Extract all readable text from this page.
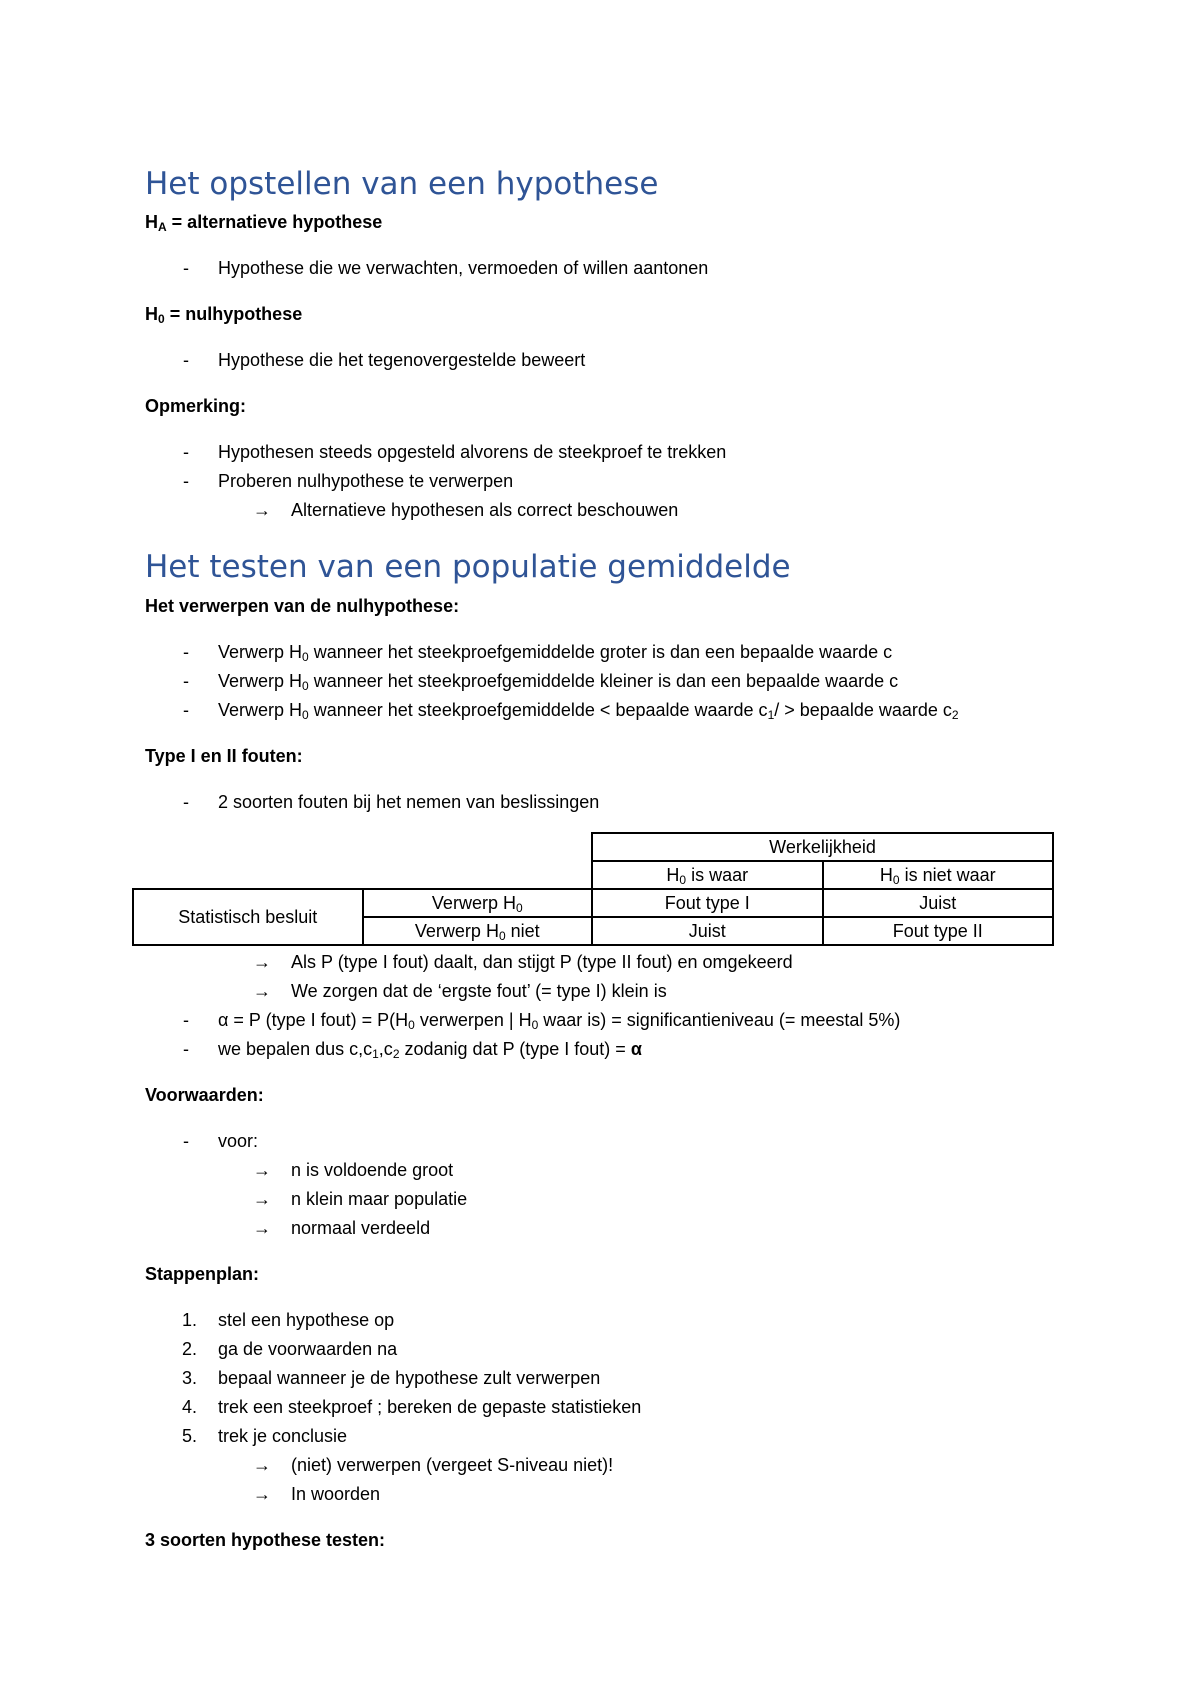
Het opstellen van een hypothese
$H_A$ = alternatieve hypothese
- Hypothese die we verwachten, vermoeden of willen aantonen
$H_0$ = nulhypothese
- Hypothese die het tegenovergestelde beweert
Opmerking:
- Hypothesen steeds opgesteld alvorens de steekproef te trekken
- Proberen nulhypothese te verwerpen
→ Alternatieve hypothesen als correct beschouwen
Het testen van een populatie gemiddelde
Het verwerpen van de nulhypothese:
- Verwerp $H_0$ wanneer het steekproefgemiddelde groter is dan een bepaalde waarde c
- Verwerp $H_0$ wanneer het steekproefgemiddelde kleiner is dan een bepaalde waarde c
- Verwerp $H_0$ wanneer het steekproefgemiddelde < bepaalde waarde $c_1/$ > bepaalde waarde $c_2$
Type I en II fouten:
- 2 soorten fouten bij het nemen van beslissingen
		Werkelijkheid	
		$H_0$ is waar	$H_0$ is niet waar
Statistisch besluit	Verwerp $H_0$	Fout type I	Juist
	Verwerp $H_0$ niet	Juist	Fout type II
→ Als P (type I fout) daalt, dan stijgt P (type II fout) en omgekeerd
→ We zorgen dat de ‘ergste fout’ (= type I) klein is
- α = P (type I fout) = $P(H_0$ verwerpen | $H_0$ waar is) = significantieniveau (= meestal 5%)
- we bepalen dus $c,c_1,c_2$ zodanig dat P (type I fout) = α
Voorwaarden:
- voor:
→ n is voldoende groot
→ n klein maar populatie
→ normaal verdeeld
Stappenplan:
1. stel een hypothese op
2. ga de voorwaarden na
3. bepaal wanneer je de hypothese zult verwerpen
4. trek een steekproef ; bereken de gepaste statistieken
5. trek je conclusie
→ (niet) verwerpen (vergeet S-niveau niet)!
→ In woorden
3 soorten hypothese testen:
